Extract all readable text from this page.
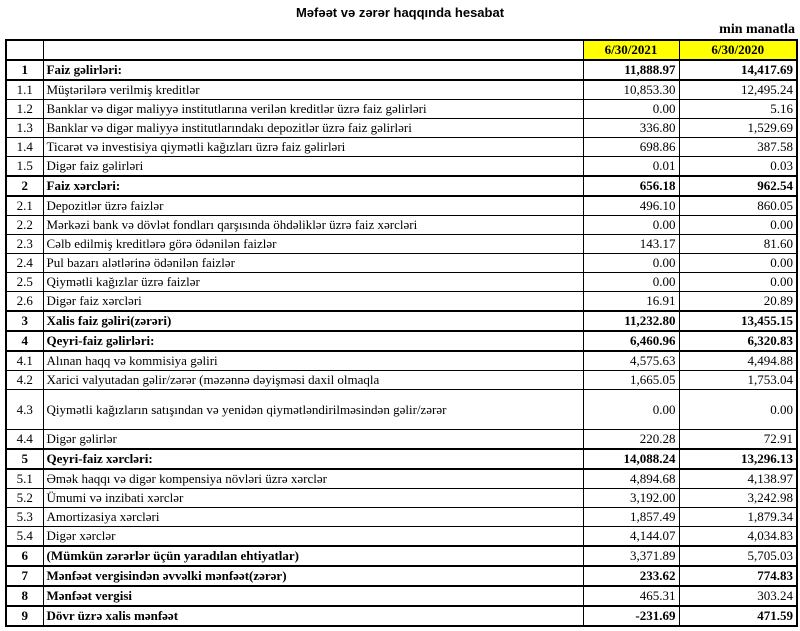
Məfəət və zərər haqqında hesabat
min manatla
		6/30/2021	6/30/2020
1	Faiz gəlirləri:	11,888.97	14,417.69
1.1	Müştərilərə verilmiş kreditlər	10,853.30	12,495.24
1.2	Banklar və digər maliyyə institutlarına verilən kreditlər üzrə faiz gəlirləri	0.00	5.16
1.3	Banklar və digər maliyyə institutlarındakı depozitlər üzrə faiz gəlirləri	336.80	1,529.69
1.4	Ticarət və investisiya qiymətli kağızları üzrə faiz gəlirləri	698.86	387.58
1.5	Digər faiz gəlirləri	0.01	0.03
2	Faiz xərcləri:	656.18	962.54
2.1	Depozitlər üzrə faizlər	496.10	860.05
2.2	Mərkəzi bank və dövlət fondları qarşısında öhdəliklər üzrə faiz xərcləri	0.00	0.00
2.3	Cəlb edilmiş kreditlərə görə ödənilən faizlər	143.17	81.60
2.4	Pul bazarı alətlərinə ödənilən faizlər	0.00	0.00
2.5	Qiymətli kağızlar üzrə faizlər	0.00	0.00
2.6	Digər faiz xərcləri	16.91	20.89
3	Xalis faiz gəliri(zərəri)	11,232.80	13,455.15
4	Qeyri-faiz gəlirləri:	6,460.96	6,320.83
4.1	Alınan haqq və kommisiya gəliri	4,575.63	4,494.88
4.2	Xarici valyutadan gəlir/zərər (məzənnə dəyişməsi daxil olmaqla	1,665.05	1,753.04
4.3	Qiymətli kağızların satışından və yenidən qiymətləndirilməsindən gəlir/zərər	0.00	0.00
4.4	Digər gəlirlər	220.28	72.91
5	Qeyri-faiz xərcləri:	14,088.24	13,296.13
5.1	Əmək haqqı və digər kompensiya növləri üzrə xərclər	4,894.68	4,138.97
5.2	Ümumi və inzibati xərclər	3,192.00	3,242.98
5.3	Amortizasiya xərcləri	1,857.49	1,879.34
5.4	Digər xərclər	4,144.07	4,034.83
6	(Mümkün zərərlər üçün yaradılan ehtiyatlar)	3,371.89	5,705.03
7	Mənfəət vergisindən əvvəlki mənfəət(zərər)	233.62	774.83
8	Mənfəət vergisi	465.31	303.24
9	Dövr üzrə xalis mənfəət	-231.69	471.59
